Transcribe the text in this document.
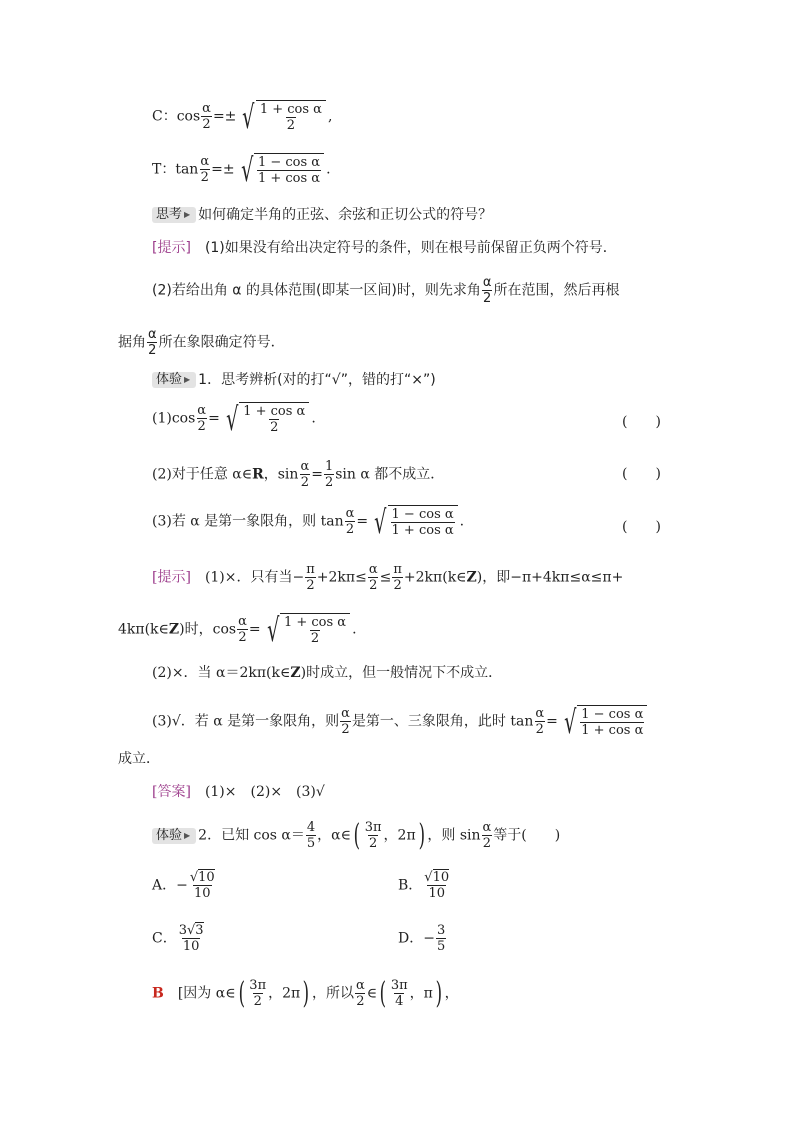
C：$\cos \frac{\alpha}{2}$ =± √ $\frac{\text{1 + cos α}}{2}$ ,
T：$\tan \frac{\alpha}{2}$ =± √ $\frac{\text{1 − cos α}}{\text{1 + cos α}}$ .
思考 ▶ 如何确定半角的正弦、余弦和正切公式的符号？
[提示]　 (1)如果没有给出决定符号的条件，则在根号前保留正负两个符号．
(2)若给出角 α 的具体范围(即某一区间)时，则先求角 $\frac{\alpha}{2}$ 所在范围，然后再根
据角 $\frac{\alpha}{2}$ 所在象限确定符号．
体验 ▶ 1．思考辨析(对的打“√”，错的打“×”)
$(1)\cos \frac{\alpha}{2}$ = √ $\frac{\text{1 + cos α}}{2}$ .	(　　)
(2)对于任意 α∈R，$\sin \frac{\alpha}{2} = \frac{1}{2}$ sin α 都不成立．	(　　)
(3)若 α 是第一象限角，则 $\tan \frac{\alpha}{2}$ = √ $\frac{\text{1 − cos α}}{\text{1 + cos α}}$ .	(　　)
[提示]　 (1)×．只有当− $\frac{\pi}{2} +2k\pi\le \frac{\alpha}{2} \le \frac{\pi}{2}$ +2kπ(k∈Z)，即−π+4kπ≤α≤π+
4kπ(k∈Z)时，$\cos \frac{\alpha}{2}$ = √ $\frac{\text{1 + cos α}}{2}$ .
(2)×．当 α＝2kπ(k∈Z)时成立，但一般情况下不成立．
(3)√．若 α 是第一象限角，则 $\frac{\alpha}{2}$ 是第一、三象限角，此时 $\tan \frac{\alpha}{2}$ = √ $\frac{\text{1 − cos α}}{\text{1 + cos α}}$
成立．
[答案]　 (1)×　(2)×　(3)√
体验 ▶ 2．已知 $\cos \alpha= \frac{4}{5}$ ，α∈( $\frac{3\pi}{2}$ ，2π) ，则 $\sin \frac{\alpha}{2}$ 等于(　　)
A．− $\frac{√10}{10}$	B． $\frac{√10}{10}$
C． $\frac{3√3}{10}$	D．− $\frac{3}{5}$
B　 [因为 α∈( $\frac{3\pi}{2}$ ，2π) ，所以 $\frac{\alpha}{2}$ ∈( $\frac{3\pi}{4}$ ，π) ，
